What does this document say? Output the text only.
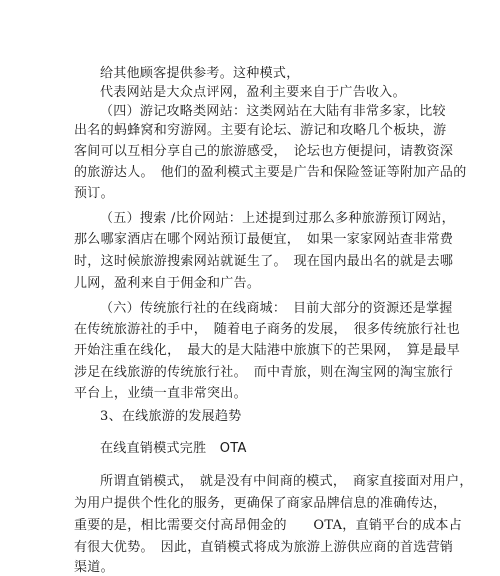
给其他顾客提供参考。这种模式，
代表网站是大众点评网，盈利主要来自于广告收入。
（四）游记攻略类网站：这类网站在大陆有非常多家，比较
出名的蚂蜂窝和穷游网。主要有论坛、游记和攻略几个板块，游
客间可以互相分享自己的旅游感受，　论坛也方便提问，请教资深
的旅游达人。　他们的盈利模式主要是广告和保险签证等附加产品的
预订。
（五）搜索 /比价网站：上述提到过那么多种旅游预订网站，
那么哪家酒店在哪个网站预订最便宜，　如果一家家网站查非常费
时，这时候旅游搜索网站就诞生了。　现在国内最出名的就是去哪
儿网，盈利来自于佣金和广告。
（六）传统旅行社的在线商城：　目前大部分的资源还是掌握
在传统旅游社的手中，　随着电子商务的发展，　很多传统旅行社也
开始注重在线化，　最大的是大陆港中旅旗下的芒果网，　算是最早
涉足在线旅游的传统旅行社。　而中青旅，则在淘宝网的淘宝旅行
平台上，业绩一直非常突出。
3、在线旅游的发展趋势
在线直销模式完胜　OTA
所谓直销模式，　就是没有中间商的模式，　商家直接面对用户，
为用户提供个性化的服务，更确保了商家品牌信息的准确传达，
重要的是，相比需要交付高昂佣金的　　OTA，直销平台的成本占
有很大优势。　因此，直销模式将成为旅游上游供应商的首选营销
渠道。
